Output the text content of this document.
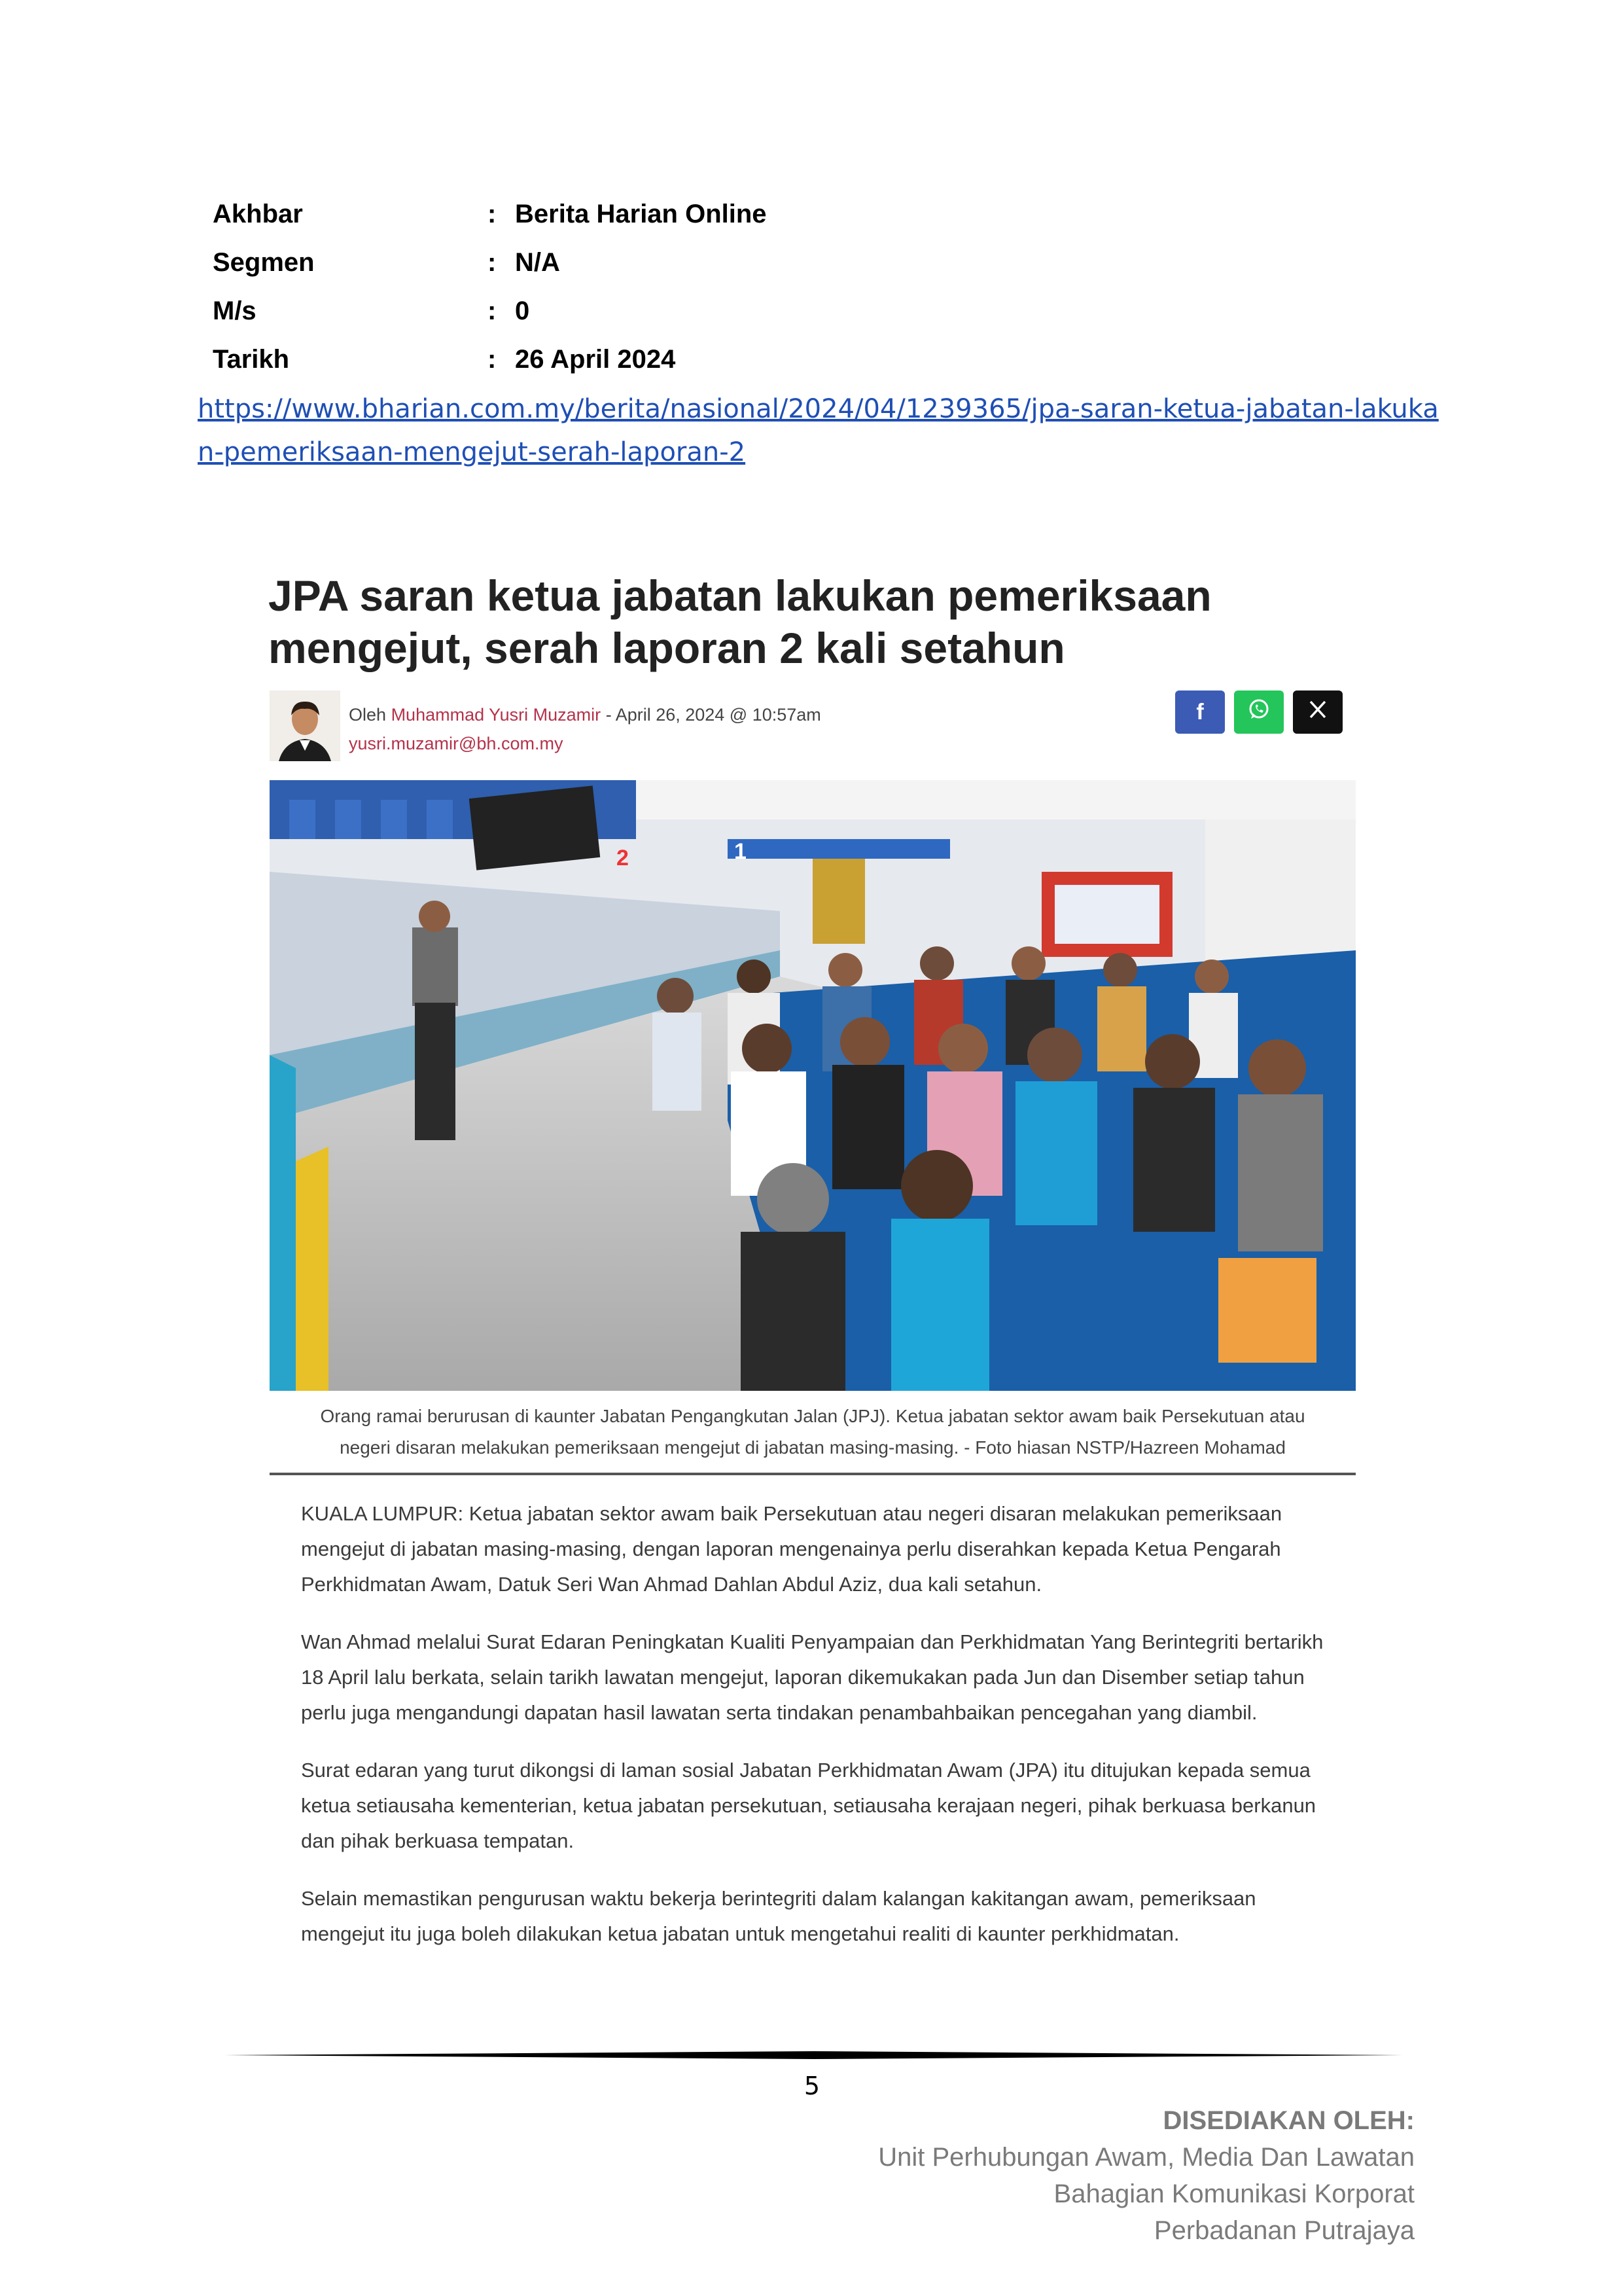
Akhbar	: Berita Harian Online
Segmen	: N/A
M/s	: 0
Tarikh	: 26 April 2024
https://www.bharian.com.my/berita/nasional/2024/04/1239365/jpa-saran-ketua-jabatan-lakukan-pemeriksaan-mengejut-serah-laporan-2
JPA saran ketua jabatan lakukan pemeriksaan mengejut, serah laporan 2 kali setahun
Oleh Muhammad Yusri Muzamir - April 26, 2024 @ 10:57am
yusri.muzamir@bh.com.my
f
2	1
Orang ramai berurusan di kaunter Jabatan Pengangkutan Jalan (JPJ). Ketua jabatan sektor awam baik Persekutuan atau
negeri disaran melakukan pemeriksaan mengejut di jabatan masing-masing. - Foto hiasan NSTP/Hazreen Mohamad

KUALA LUMPUR: Ketua jabatan sektor awam baik Persekutuan atau negeri disaran melakukan pemeriksaan mengejut di jabatan masing-masing, dengan laporan mengenainya perlu diserahkan kepada Ketua Pengarah Perkhidmatan Awam, Datuk Seri Wan Ahmad Dahlan Abdul Aziz, dua kali setahun.

Wan Ahmad melalui Surat Edaran Peningkatan Kualiti Penyampaian dan Perkhidmatan Yang Berintegriti bertarikh 18 April lalu berkata, selain tarikh lawatan mengejut, laporan dikemukakan pada Jun dan Disember setiap tahun perlu juga mengandungi dapatan hasil lawatan serta tindakan penambahbaikan pencegahan yang diambil.

Surat edaran yang turut dikongsi di laman sosial Jabatan Perkhidmatan Awam (JPA) itu ditujukan kepada semua ketua setiausaha kementerian, ketua jabatan persekutuan, setiausaha kerajaan negeri, pihak berkuasa berkanun dan pihak berkuasa tempatan.

Selain memastikan pengurusan waktu bekerja berintegriti dalam kalangan kakitangan awam, pemeriksaan mengejut itu juga boleh dilakukan ketua jabatan untuk mengetahui realiti di kaunter perkhidmatan.

5
DISEDIAKAN OLEH:
Unit Perhubungan Awam, Media Dan Lawatan
Bahagian Komunikasi Korporat
Perbadanan Putrajaya
